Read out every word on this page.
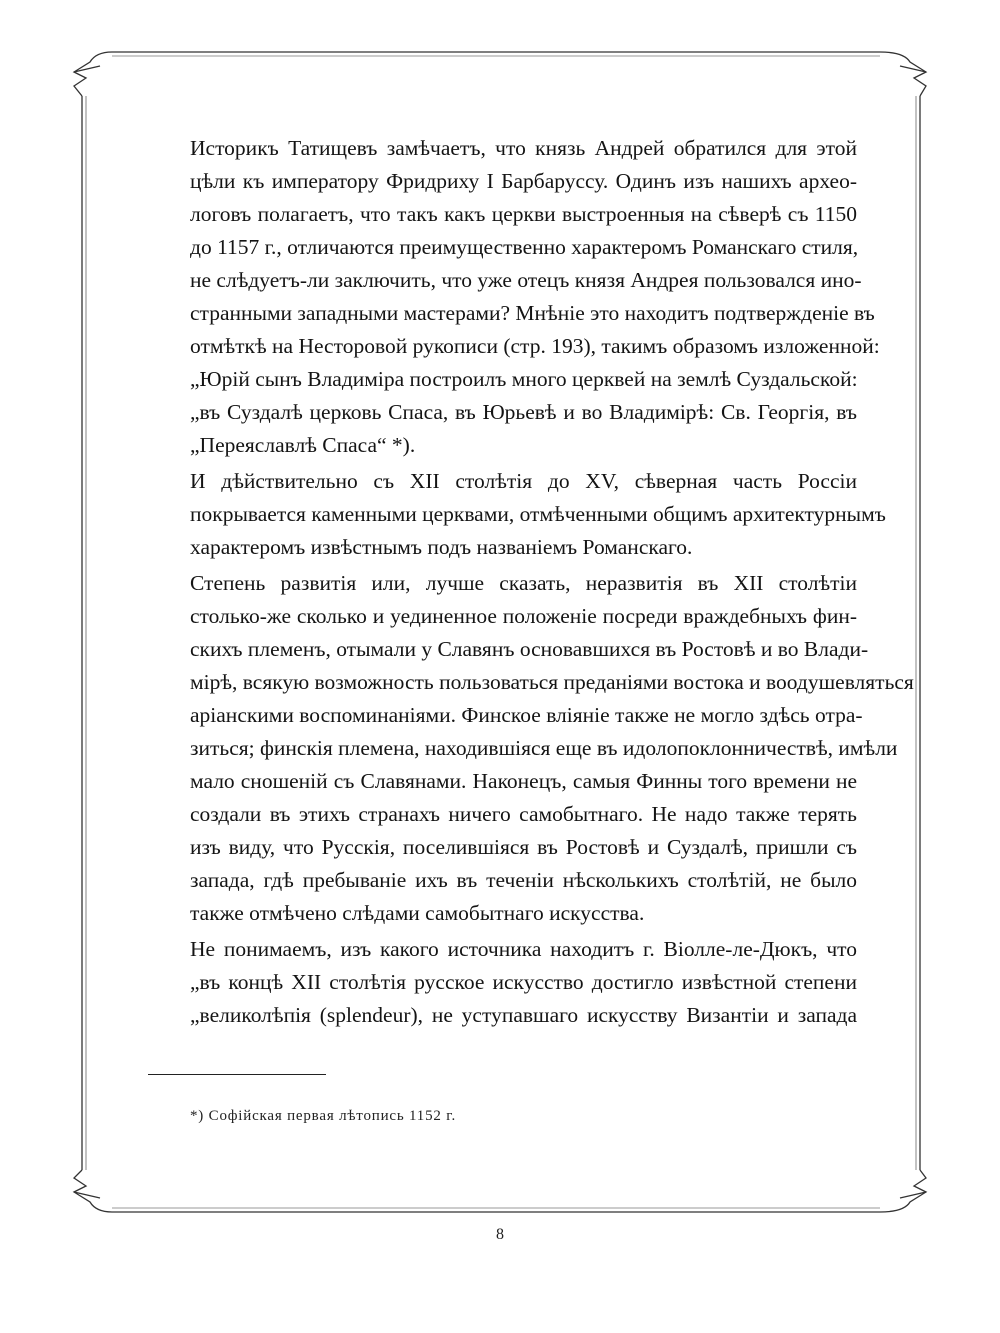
Историкъ Татищевъ замѣчаетъ, что князь Андрей обратился для этой
цѣли къ императору Фридриху I Барбаруссу. Одинъ изъ нашихъ архео-
логовъ полагаетъ, что такъ какъ церкви выстроенныя на сѣверѣ съ 1150
до 1157 г., отличаются преимущественно характеромъ Романскаго стиля,
не слѣдуетъ-ли заключить, что уже отецъ князя Андрея пользовался ино-
странными западными мастерами? Мнѣніе это находитъ подтвержденіе въ
отмѣткѣ на Несторовой рукописи (стр. 193), такимъ образомъ изложенной:
„Юрій сынъ Владиміра построилъ много церквей на землѣ Суздальской:
„въ Суздалѣ церковь Спаса, въ Юрьевѣ и во Владимірѣ: Св. Георгія, въ
„Переяславлѣ Спаса“ *).

И дѣйствительно съ XII столѣтія до XV, сѣверная часть Россіи
покрывается каменными церквами, отмѣченными общимъ архитектурнымъ
характеромъ извѣстнымъ подъ названіемъ Романскаго.

Степень развитія или, лучше сказать, неразвитія въ XII столѣтіи
столько-же сколько и уединенное положеніе посреди враждебныхъ фин-
скихъ племенъ, отымали у Славянъ основавшихся въ Ростовѣ и во Влади-
мірѣ, всякую возможность пользоваться преданіями востока и воодушевляться
аріанскими воспоминаніями. Финское вліяніе также не могло здѣсь отра-
зиться; финскія племена, находившіяся еще въ идолопоклонничествѣ, имѣли
мало сношеній съ Славянами. Наконецъ, самыя Финны того времени не
создали въ этихъ странахъ ничего самобытнаго. Не надо также терять
изъ виду, что Русскія, поселившіяся въ Ростовѣ и Суздалѣ, пришли съ
запада, гдѣ пребываніе ихъ въ теченіи нѣсколькихъ столѣтій, не было
также отмѣчено слѣдами самобытнаго искусства.

Не понимаемъ, изъ какого источника находитъ г. Віолле-ле-Дюкъ, что
„въ концѣ XII столѣтія русское искусство достигло извѣстной степени
„великолѣпія (splendeur), не уступавшаго искусству Византіи и запада

*) Софійская первая лѣтопись 1152 г.
8
